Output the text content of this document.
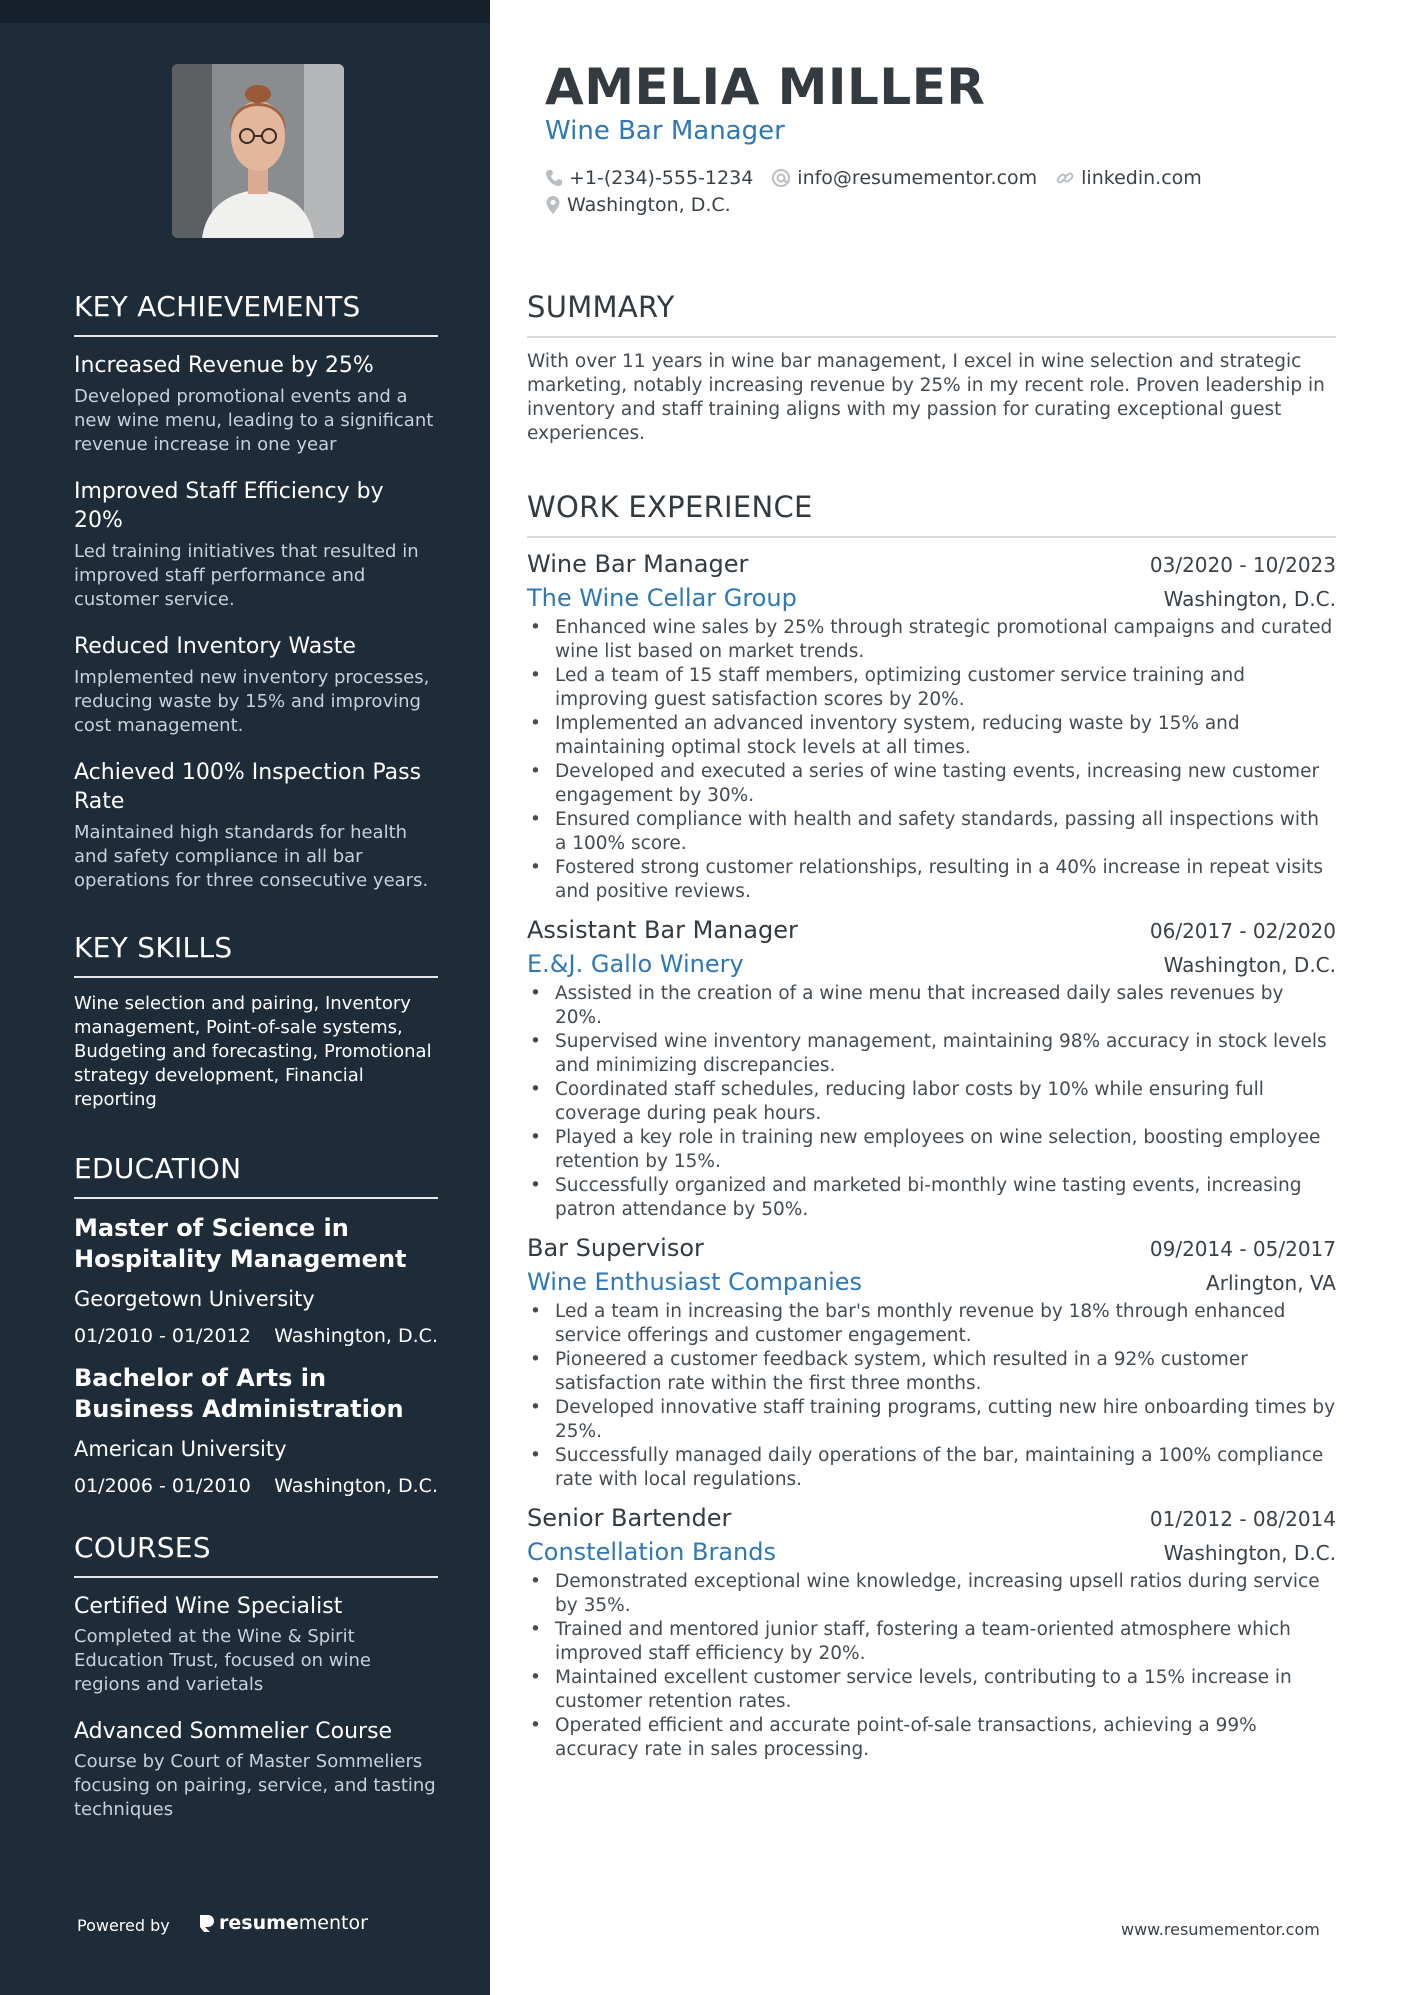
KEY ACHIEVEMENTS
Increased Revenue by 25%
Developed promotional events and a new wine menu, leading to a significant revenue increase in one year
Improved Staff Efficiency by 20%
Led training initiatives that resulted in improved staff performance and customer service.
Reduced Inventory Waste
Implemented new inventory processes, reducing waste by 15% and improving cost management.
Achieved 100% Inspection Pass Rate
Maintained high standards for health and safety compliance in all bar operations for three consecutive years.
KEY SKILLS
Wine selection and pairing, Inventory management, Point-of-sale systems, Budgeting and forecasting, Promotional strategy development, Financial reporting
EDUCATION
Master of Science in Hospitality Management
Georgetown University
01/2010 - 01/2012 Washington, D.C.
Bachelor of Arts in Business Administration
American University
01/2006 - 01/2010 Washington, D.C.
COURSES
Certified Wine Specialist
Completed at the Wine & Spirit Education Trust, focused on wine regions and varietals
Advanced Sommelier Course
Course by Court of Master Sommeliers focusing on pairing, service, and tasting techniques
Powered by	resume mentor
AMELIA MILLER
Wine Bar Manager
+1-(234)-555-1234 info@resumementor.com linkedin.com
Washington, D.C.
SUMMARY
With over 11 years in wine bar management, I excel in wine selection and strategic marketing, notably increasing revenue by 25% in my recent role. Proven leadership in inventory and staff training aligns with my passion for curating exceptional guest experiences.
WORK EXPERIENCE
Wine Bar Manager	03/2020 - 10/2023
The Wine Cellar Group	Washington, D.C.
• Enhanced wine sales by 25% through strategic promotional campaigns and curated wine list based on market trends.
• Led a team of 15 staff members, optimizing customer service training and improving guest satisfaction scores by 20%.
• Implemented an advanced inventory system, reducing waste by 15% and maintaining optimal stock levels at all times.
• Developed and executed a series of wine tasting events, increasing new customer engagement by 30%.
• Ensured compliance with health and safety standards, passing all inspections with a 100% score.
• Fostered strong customer relationships, resulting in a 40% increase in repeat visits and positive reviews.
Assistant Bar Manager	06/2017 - 02/2020
E.&J. Gallo Winery	Washington, D.C.
• Assisted in the creation of a wine menu that increased daily sales revenues by 20%.
• Supervised wine inventory management, maintaining 98% accuracy in stock levels and minimizing discrepancies.
• Coordinated staff schedules, reducing labor costs by 10% while ensuring full coverage during peak hours.
• Played a key role in training new employees on wine selection, boosting employee retention by 15%.
• Successfully organized and marketed bi-monthly wine tasting events, increasing patron attendance by 50%.
Bar Supervisor	09/2014 - 05/2017
Wine Enthusiast Companies	Arlington, VA
• Led a team in increasing the bar's monthly revenue by 18% through enhanced service offerings and customer engagement.
• Pioneered a customer feedback system, which resulted in a 92% customer satisfaction rate within the first three months.
• Developed innovative staff training programs, cutting new hire onboarding times by 25%.
• Successfully managed daily operations of the bar, maintaining a 100% compliance rate with local regulations.
Senior Bartender	01/2012 - 08/2014
Constellation Brands	Washington, D.C.
• Demonstrated exceptional wine knowledge, increasing upsell ratios during service by 35%.
• Trained and mentored junior staff, fostering a team-oriented atmosphere which improved staff efficiency by 20%.
• Maintained excellent customer service levels, contributing to a 15% increase in customer retention rates.
• Operated efficient and accurate point-of-sale transactions, achieving a 99% accuracy rate in sales processing.
www.resumementor.com
